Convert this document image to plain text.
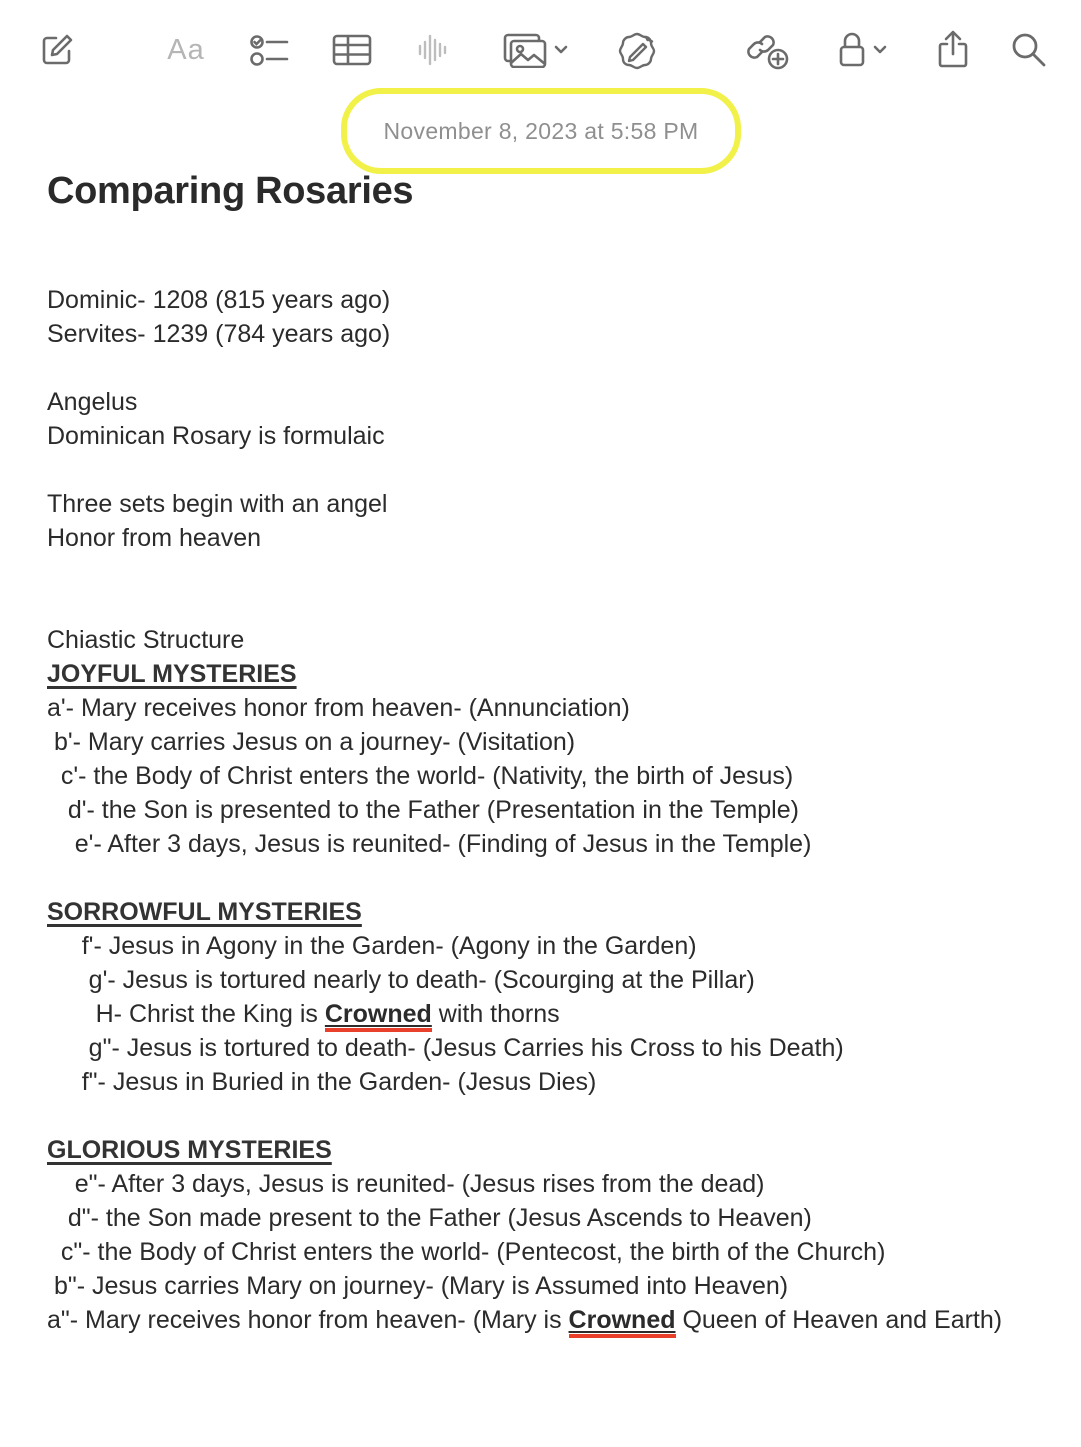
Aa
November 8, 2023 at 5:58 PM
Comparing Rosaries
Dominic- 1208 (815 years ago)
Servites- 1239 (784 years ago)
Angelus
Dominican Rosary is formulaic
Three sets begin with an angel
Honor from heaven
Chiastic Structure
JOYFUL MYSTERIES
a'- Mary receives honor from heaven- (Annunciation)
b'- Mary carries Jesus on a journey- (Visitation)
c'- the Body of Christ enters the world- (Nativity, the birth of Jesus)
d'- the Son is presented to the Father (Presentation in the Temple)
e'- After 3 days, Jesus is reunited- (Finding of Jesus in the Temple)
SORROWFUL MYSTERIES
f'- Jesus in Agony in the Garden- (Agony in the Garden)
g'- Jesus is tortured nearly to death- (Scourging at the Pillar)
H- Christ the King is Crowned with thorns
g"- Jesus is tortured to death- (Jesus Carries his Cross to his Death)
f"- Jesus in Buried in the Garden- (Jesus Dies)
GLORIOUS MYSTERIES
e"- After 3 days, Jesus is reunited- (Jesus rises from the dead)
d"- the Son made present to the Father (Jesus Ascends to Heaven)
c"- the Body of Christ enters the world- (Pentecost, the birth of the Church)
b"- Jesus carries Mary on journey- (Mary is Assumed into Heaven)
a"- Mary receives honor from heaven- (Mary is Crowned Queen of Heaven and Earth)
